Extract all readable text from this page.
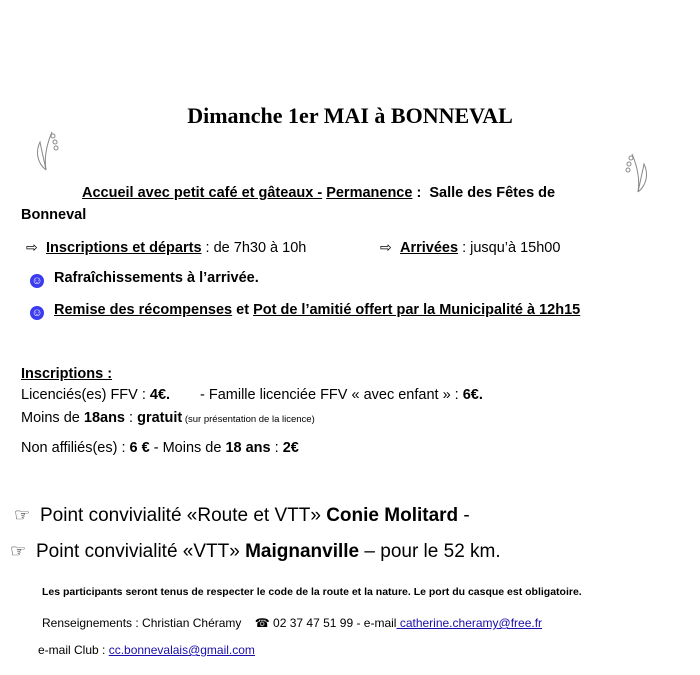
Dimanche 1er MAI à BONNEVAL
Accueil avec petit café et gâteaux - Permanence : Salle des Fêtes de
Bonneval
⇨ Inscriptions et départs : de 7h30 à 10h	⇨ Arrivées : jusqu’à 15h00
☺ Rafraîchissements à l’arrivée.
☺ Remise des récompenses et Pot de l’amitié offert par la Municipalité à 12h15
Inscriptions :
Licenciés(es) FFV : 4€. - Famille licenciée FFV « avec enfant » : 6€.
Moins de 18ans : gratuit (sur présentation de la licence)
Non affiliés(es) : 6 € - Moins de 18 ans : 2€
☞ Point convivialité «Route et VTT» Conie Molitard -
☞ Point convivialité «VTT» Maignanville – pour le 52 km.
Les participants seront tenus de respecter le code de la route et la nature. Le port du casque est obligatoire.
Renseignements : Christian Chéramy ☎ 02 37 47 51 99 - e-mail catherine.cheramy@free.fr
e-mail Club : cc.bonnevalais@gmail.com
